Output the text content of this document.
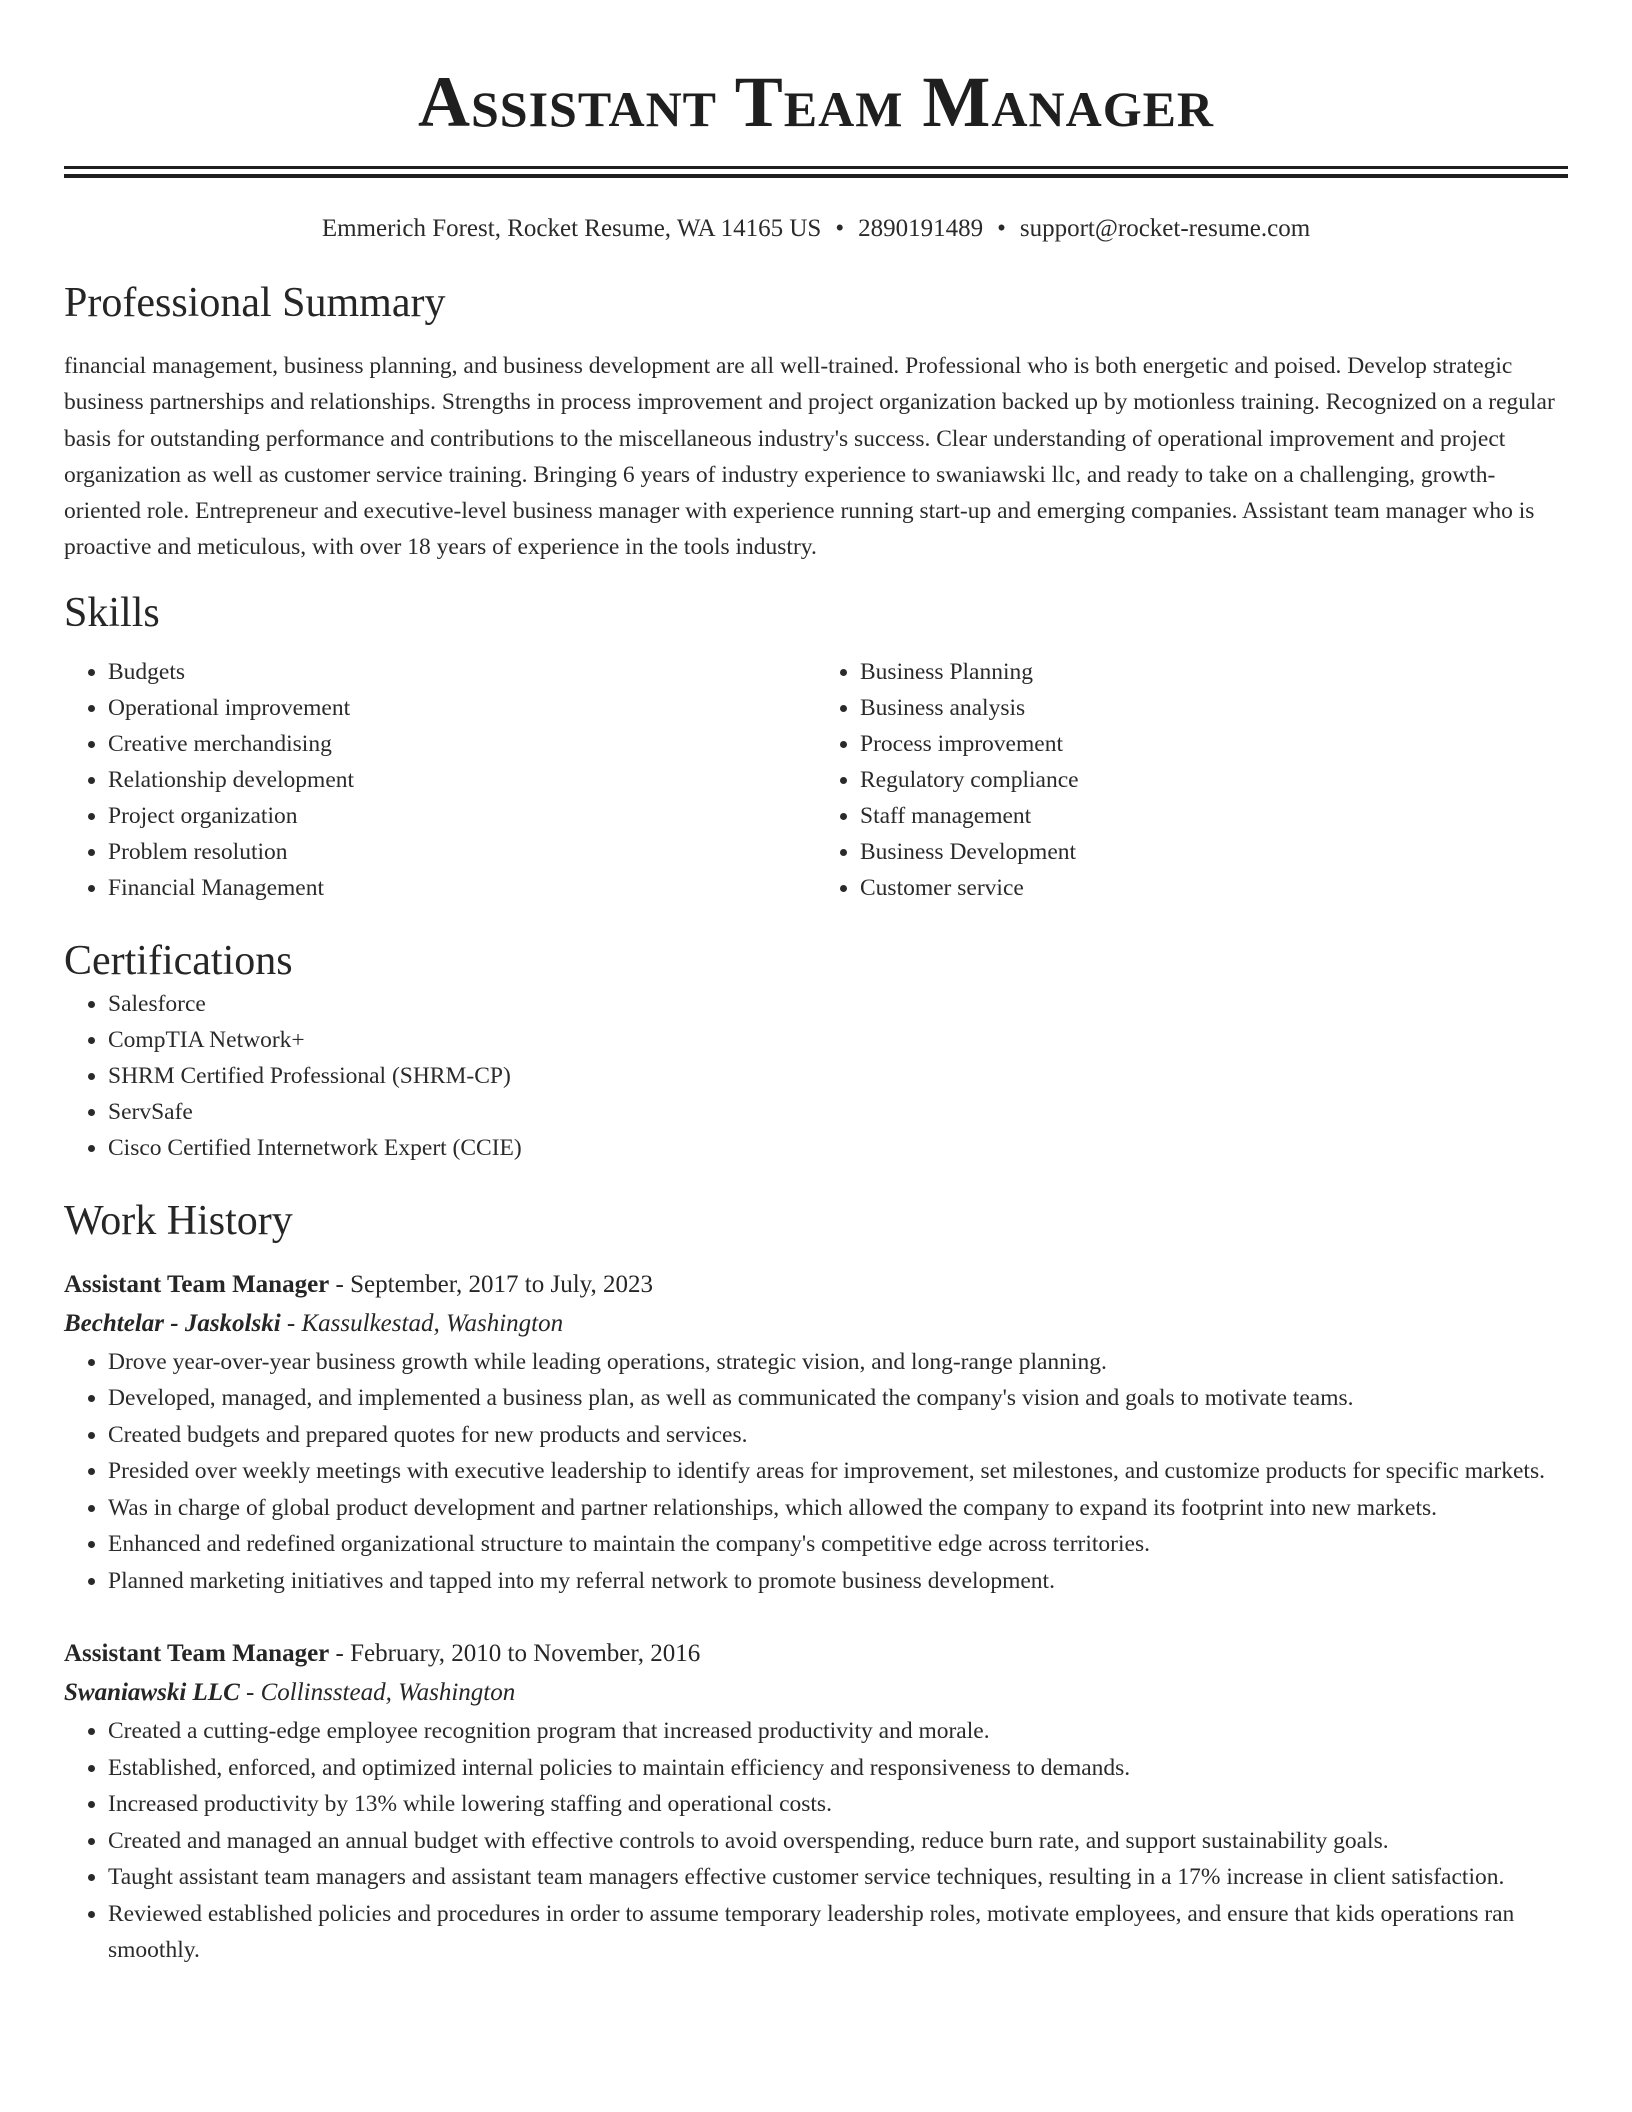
Assistant Team Manager
Emmerich Forest, Rocket Resume, WA 14165 US • 2890191489 • support@rocket-resume.com
Professional Summary
financial management, business planning, and business development are all well-trained. Professional who is both energetic and poised. Develop strategic business partnerships and relationships. Strengths in process improvement and project organization backed up by motionless training. Recognized on a regular basis for outstanding performance and contributions to the miscellaneous industry's success. Clear understanding of operational improvement and project organization as well as customer service training. Bringing 6 years of industry experience to swaniawski llc, and ready to take on a challenging, growth-oriented role. Entrepreneur and executive-level business manager with experience running start-up and emerging companies. Assistant team manager who is proactive and meticulous, with over 18 years of experience in the tools industry.
Skills
• Budgets
• Operational improvement
• Creative merchandising
• Relationship development
• Project organization
• Problem resolution
• Financial Management
• Business Planning
• Business analysis
• Process improvement
• Regulatory compliance
• Staff management
• Business Development
• Customer service
Certifications
• Salesforce
• CompTIA Network+
• SHRM Certified Professional (SHRM-CP)
• ServSafe
• Cisco Certified Internetwork Expert (CCIE)
Work History
Assistant Team Manager - September, 2017 to July, 2023
Bechtelar - Jaskolski - Kassulkestad, Washington
• Drove year-over-year business growth while leading operations, strategic vision, and long-range planning.
• Developed, managed, and implemented a business plan, as well as communicated the company's vision and goals to motivate teams.
• Created budgets and prepared quotes for new products and services.
• Presided over weekly meetings with executive leadership to identify areas for improvement, set milestones, and customize products for specific markets.
• Was in charge of global product development and partner relationships, which allowed the company to expand its footprint into new markets.
• Enhanced and redefined organizational structure to maintain the company's competitive edge across territories.
• Planned marketing initiatives and tapped into my referral network to promote business development.
Assistant Team Manager - February, 2010 to November, 2016
Swaniawski LLC - Collinsstead, Washington
• Created a cutting-edge employee recognition program that increased productivity and morale.
• Established, enforced, and optimized internal policies to maintain efficiency and responsiveness to demands.
• Increased productivity by 13% while lowering staffing and operational costs.
• Created and managed an annual budget with effective controls to avoid overspending, reduce burn rate, and support sustainability goals.
• Taught assistant team managers and assistant team managers effective customer service techniques, resulting in a 17% increase in client satisfaction.
• Reviewed established policies and procedures in order to assume temporary leadership roles, motivate employees, and ensure that kids operations ran smoothly.
